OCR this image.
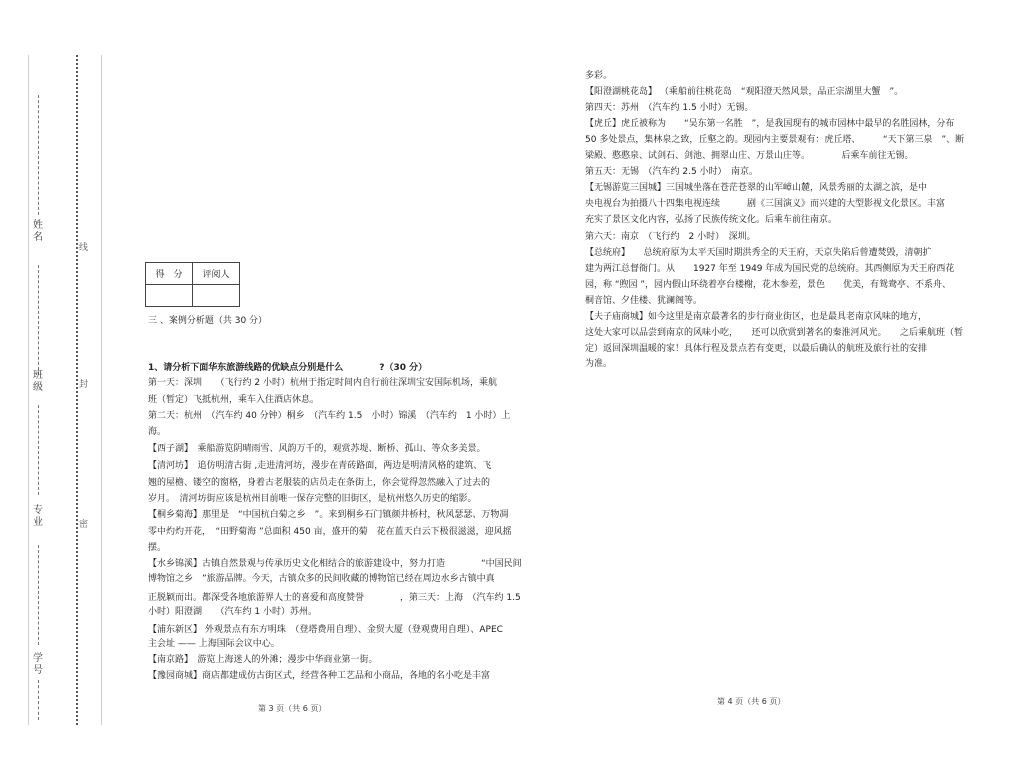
姓名
班级
专业
学号
线
封
密
得　分	评阅人

三 、案例分析题（共 30 分）
1、请分析下面华东旅游线路的优缺点分别是什么　　　　?（30 分）
第一天：深圳　　（飞行约 2 小时）杭州于指定时间内自行前往深圳宝安国际机场，乘航
班（暂定）飞抵杭州，乘车入住酒店休息。
第二天：杭州　（汽车约 40 分钟）桐乡　（汽车约 1.5　小时）锦溪　（汽车约　1 小时）上
海。
【西子湖】　乘船游览阴晴雨雪、风韵万千的，观赏苏堤、断桥、孤山、等众多美景。
【清河坊】　追仿明清古街 ,走进清河坊，漫步在青砖路面，两边是明清风格的建筑、飞
翘的屋檐、镂空的窗格，身着古老服装的店员走在条街上，你会觉得忽然融入了过去的
岁月。　清河坊街应该是杭州目前唯一保存完整的旧街区，是杭州悠久历史的缩影。
【桐乡菊海】那里是　“中国杭白菊之乡　”。来到桐乡石门镇颜井桥村，秋风瑟瑟、万物凋
零中灼灼开花，　“田野菊海 ”总面积 450 亩，盛开的菊　花在蓝天白云下极很滋滋，迎风摇
摆。
【水乡锦溪】古镇自然景观与传承历史文化相结合的旅游建设中，努力打造　　　　“中国民间
博物馆之乡　”旅游品牌。今天，古镇众多的民间收藏的博物馆已经在周边水乡古镇中真
正脱颖而出。都深受各地旅游界人士的喜爱和高度赞誉　　　　，第三天：上海　（汽车约 1.5
小时）阳澄湖　　（汽车约 1 小时）苏州。
【浦东新区】 外观景点有东方明珠　（登塔费用自理）、金贸大厦（登观费用自理）、APEC
主会址 —— 上海国际会议中心。
【南京路】　游览上海迷人的外滩；漫步中华商业第一街。
【豫园商城】商店都建成仿古街区式，经营各种工艺品和小商品，各地的名小吃是丰富
多彩。
【阳澄湖桃花岛】 （乘船前往桃花岛　“观阳澄天然风景，品正宗湖里大蟹　”。
第四天：苏州　（汽车约 1.5 小时）无锡。
【虎丘】虎丘被称为　　“吴东第一名胜　”，是我国现有的城市园林中最早的名胜园林，分布
50 多处景点，集林泉之致，丘壑之韵。现园内主要景观有：虎丘塔、　　　“天下第三泉　”、断
梁殿、憨憨泉、试剑石、剑池、拥翠山庄、万景山庄等。　　　　后乘车前往无锡。
第五天：无锡　（汽车约 2.5 小时）　南京。
【无锡游览三国城】三国城坐落在苍茫苍翠的山军嶂山麓，风景秀丽的太湖之滨，是中
央电视台为拍摄八十四集电视连续　　　剧《三国演义》而兴建的大型影视文化景区。丰富
充实了景区文化内容，弘扬了民族传统文化。后乘车前往南京。
第六天：南京　（飞行约　2 小时）　深圳。
【总统府】　　总统府原为太平天国时期洪秀全的天王府，天京失陷后曾遭焚毁，清朝扩
建为两江总督衙门。从　　1927 年至 1949 年成为国民党的总统府。其西侧原为天王府西花
园，称 “煦园 ”，园内假山环绕着亭台楼榭，花木参差，景色　　优美，有鸳鸯亭、不系舟、
桐音馆、夕佳楼、犹澜阁等。
【夫子庙商城】如今这里是南京最著名的步行商业街区，也是最具老南京风味的地方，
这处大家可以品尝到南京的风味小吃，　　还可以欣赏到著名的秦淮河风光。　　之后乘航班（暂
定）返回深圳温暖的家！具体行程及景点若有变更，以最后确认的航班及旅行社的安排
为准。
第 3 页（共 6 页）
第 4 页（共 6 页）
